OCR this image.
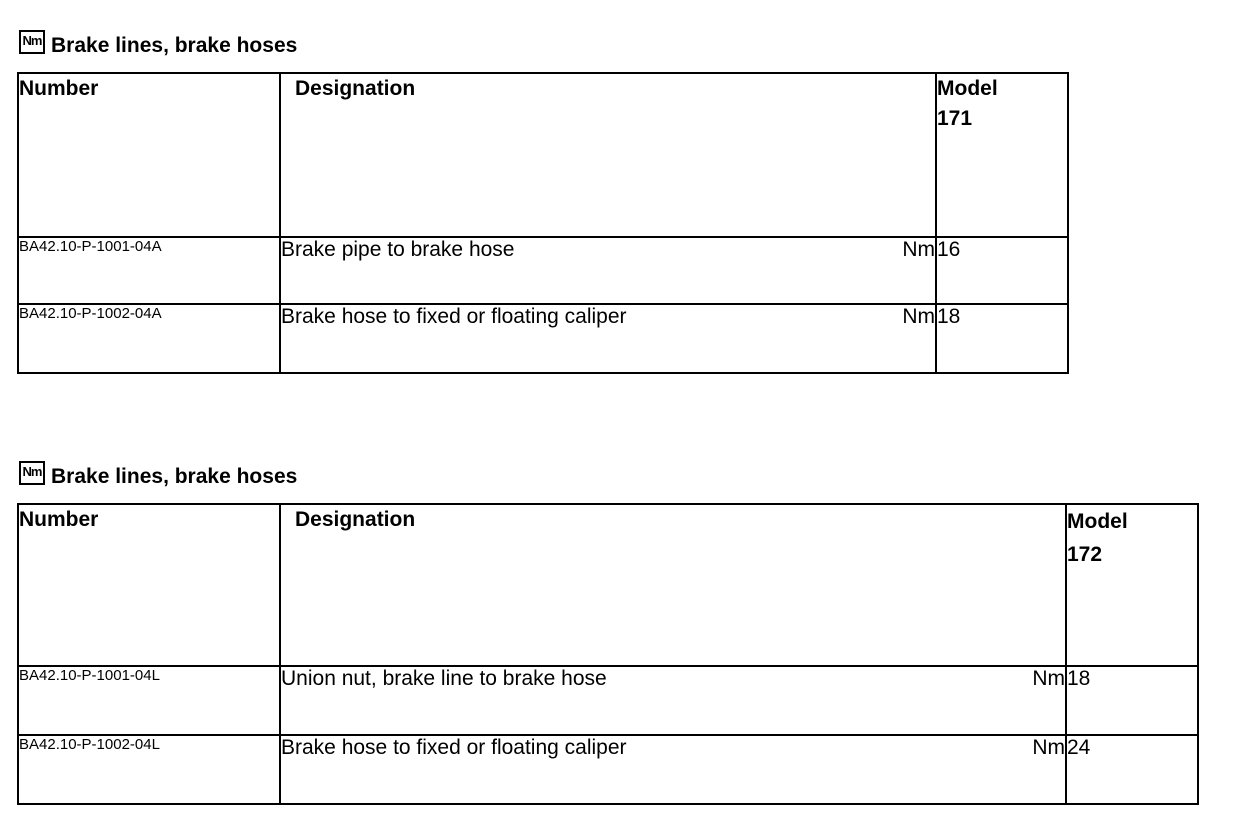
Nm Brake lines, brake hoses
Number	Designation	Model
171

BA42.10-P-1001-04A	Brake pipe to brake hose Nm	16
BA42.10-P-1002-04A	Brake hose to fixed or floating caliper Nm	18
Nm Brake lines, brake hoses
Number	Designation	Model
172

BA42.10-P-1001-04L	Union nut, brake line to brake hose Nm	18
BA42.10-P-1002-04L	Brake hose to fixed or floating caliper Nm	24
